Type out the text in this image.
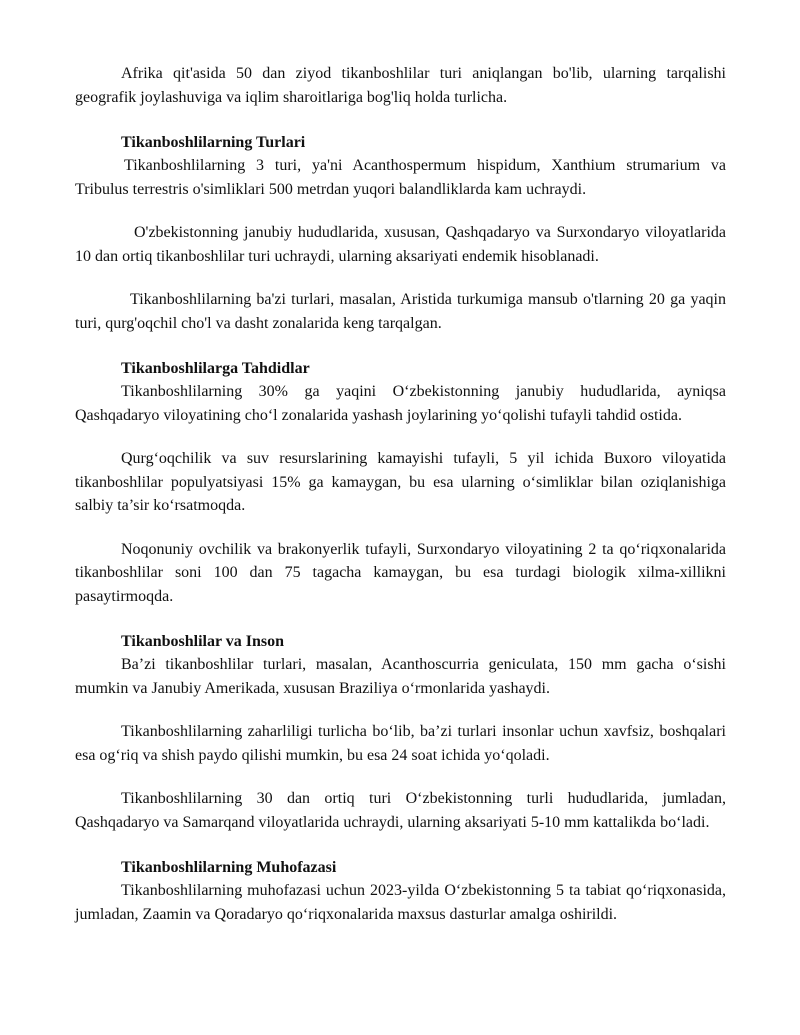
Afrika qit'asida 50 dan ziyod tikanboshlilar turi aniqlangan bo'lib, ularning tarqalishi geografik joylashuviga va iqlim sharoitlariga bog'liq holda turlicha.

Tikanboshlilarning Turlari

Tikanboshlilarning 3 turi, ya'ni Acanthospermum hispidum, Xanthium strumarium va Tribulus terrestris o'simliklari 500 metrdan yuqori balandliklarda kam uchraydi.

O'zbekistonning janubiy hududlarida, xususan, Qashqadaryo va Surxondaryo viloyatlarida 10 dan ortiq tikanboshlilar turi uchraydi, ularning aksariyati endemik hisoblanadi.

Tikanboshlilarning ba'zi turlari, masalan, Aristida turkumiga mansub o'tlarning 20 ga yaqin turi, qurg'oqchil cho'l va dasht zonalarida keng tarqalgan.

Tikanboshlilarga Tahdidlar

Tikanboshlilarning 30% ga yaqini O‘zbekistonning janubiy hududlarida, ayniqsa Qashqadaryo viloyatining cho‘l zonalarida yashash joylarining yo‘qolishi tufayli tahdid ostida.

Qurg‘oqchilik va suv resurslarining kamayishi tufayli, 5 yil ichida Buxoro viloyatida tikanboshlilar populyatsiyasi 15% ga kamaygan, bu esa ularning o‘simliklar bilan oziqlanishiga salbiy ta’sir ko‘rsatmoqda.

Noqonuniy ovchilik va brakonyerlik tufayli, Surxondaryo viloyatining 2 ta qo‘riqxonalarida tikanboshlilar soni 100 dan 75 tagacha kamaygan, bu esa turdagi biologik xilma-xillikni pasaytirmoqda.

Tikanboshlilar va Inson

Ba’zi tikanboshlilar turlari, masalan, Acanthoscurria geniculata, 150 mm gacha o‘sishi mumkin va Janubiy Amerikada, xususan Braziliya o‘rmonlarida yashaydi.

Tikanboshlilarning zaharliligi turlicha bo‘lib, ba’zi turlari insonlar uchun xavfsiz, boshqalari esa og‘riq va shish paydo qilishi mumkin, bu esa 24 soat ichida yo‘qoladi.

Tikanboshlilarning 30 dan ortiq turi O‘zbekistonning turli hududlarida, jumladan, Qashqadaryo va Samarqand viloyatlarida uchraydi, ularning aksariyati 5-10 mm kattalikda bo‘ladi.

Tikanboshlilarning Muhofazasi

Tikanboshlilarning muhofazasi uchun 2023-yilda O‘zbekistonning 5 ta tabiat qo‘riqxonasida, jumladan, Zaamin va Qoradaryo qo‘riqxonalarida maxsus dasturlar amalga oshirildi.
